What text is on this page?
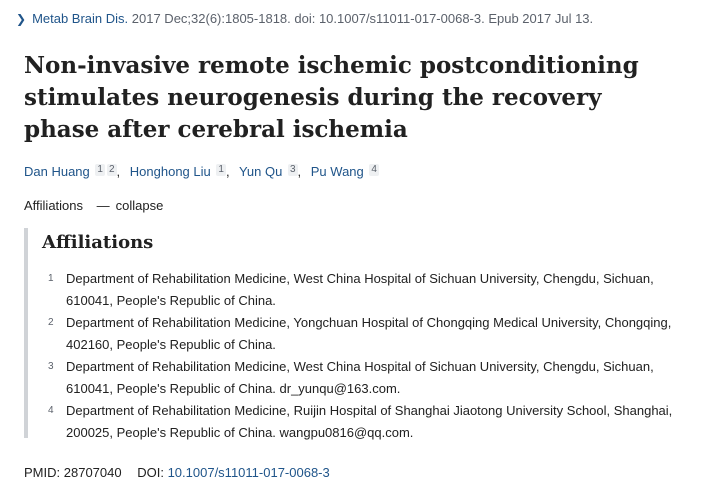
❯ Metab Brain Dis. 2017 Dec;32(6):1805-1818. doi: 10.1007/s11011-017-0068-3. Epub 2017 Jul 13.
Non-invasive remote ischemic postconditioning stimulates neurogenesis during the recovery phase after cerebral ischemia
Dan Huang 1 2 , Honghong Liu 1 , Yun Qu 3 , Pu Wang 4
Affiliations — collapse
Affiliations
1 Department of Rehabilitation Medicine, West China Hospital of Sichuan University, Chengdu, Sichuan, 610041, People's Republic of China.
2 Department of Rehabilitation Medicine, Yongchuan Hospital of Chongqing Medical University, Chongqing, 402160, People's Republic of China.
3 Department of Rehabilitation Medicine, West China Hospital of Sichuan University, Chengdu, Sichuan, 610041, People's Republic of China. dr_yunqu@163.com.
4 Department of Rehabilitation Medicine, Ruijin Hospital of Shanghai Jiaotong University School, Shanghai, 200025, People's Republic of China. wangpu0816@qq.com.
PMID: 28707040 DOI: 10.1007/s11011-017-0068-3
